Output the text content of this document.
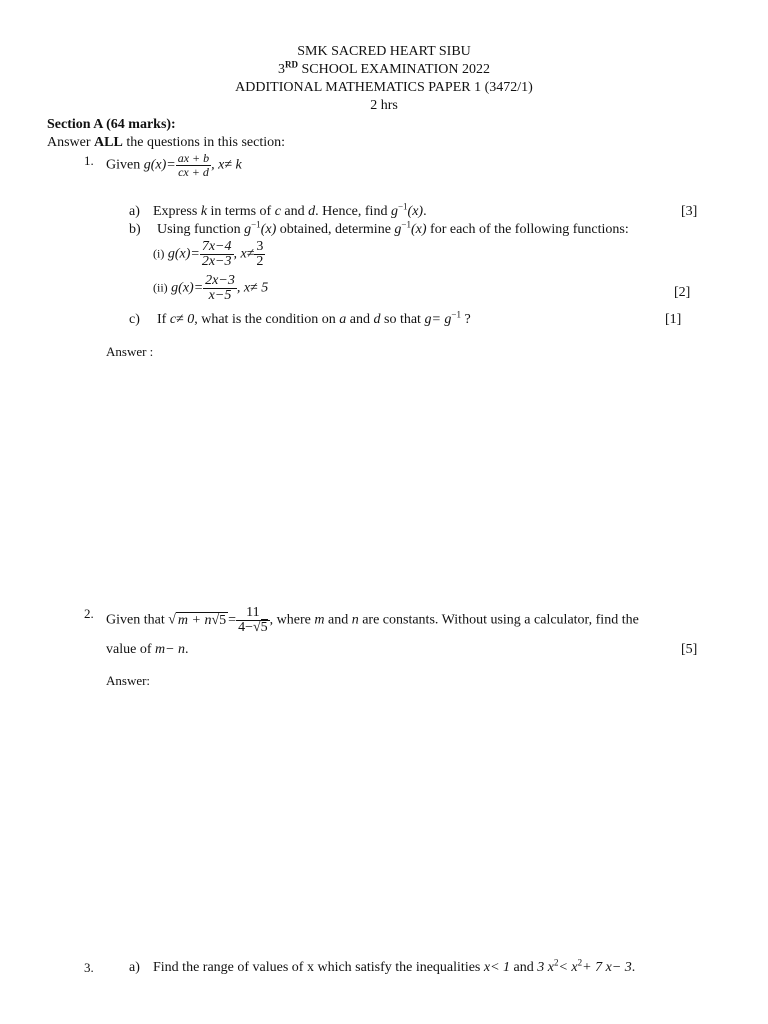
SMK SACRED HEART SIBU
3RD SCHOOL EXAMINATION 2022
ADDITIONAL MATHEMATICS PAPER 1 (3472/1)
2 hrs
Section A (64 marks):
Answer ALL the questions in this section:
1. Given $g(x)= \frac{ax + b}{cx + d}$ , x≠ k
a) Express k in terms of c and d. Hence, find $g^{-1}(x)$.	[3]
b) Using function $g^{-1}(x)$ obtained, determine $g^{-1}(x)$ for each of the following functions:
(i) $g(x)= \frac{7x-4}{2x-3}$ , $x\ne \frac{3}{2}$
(ii) $g(x)= \frac{2x-3}{x-5}$ , x≠ 5	[2]
c) If c≠ 0, what is the condition on a and d so that $g= g^{-1}$ ?	[1]
Answer :
2. Given that √ $m + n√5 = \frac{11}{4-√5}$ , where m and n are constants. Without using a calculator, find the
value of m− n.	[5]
Answer:
3.	a) Find the range of values of x which satisfy the inequalities x< 1 and 3 $x^2< x^2+ 7$ x− 3.
